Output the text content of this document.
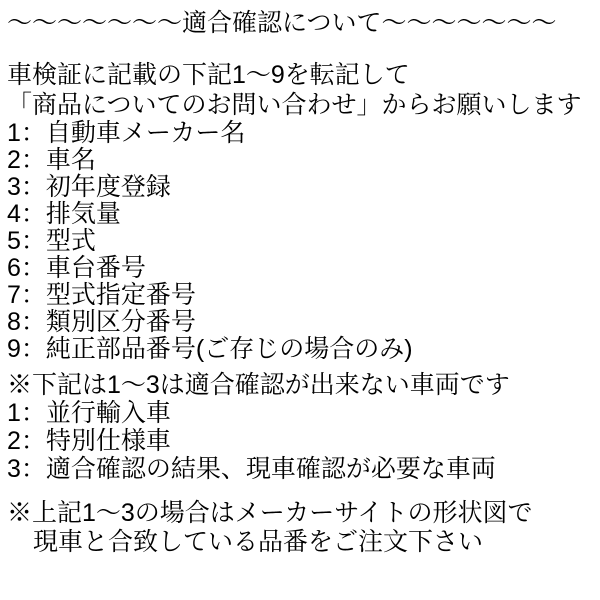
～～～～～～～適合確認について～～～～～～～
車検証に記載の下記1～9を転記して
「商品についてのお問い合わせ」からお願いします
1：自動車メーカー名
2：車名
3：初年度登録
4：排気量
5：型式
6：車台番号
7：型式指定番号
8：類別区分番号
9：純正部品番号(ご存じの場合のみ)

※下記は1～3は適合確認が出来ない車両です

1：並行輸入車
2：特別仕様車
3：適合確認の結果、現車確認が必要な車両
※上記1～3の場合はメーカーサイトの形状図で
現車と合致している品番をご注文下さい
